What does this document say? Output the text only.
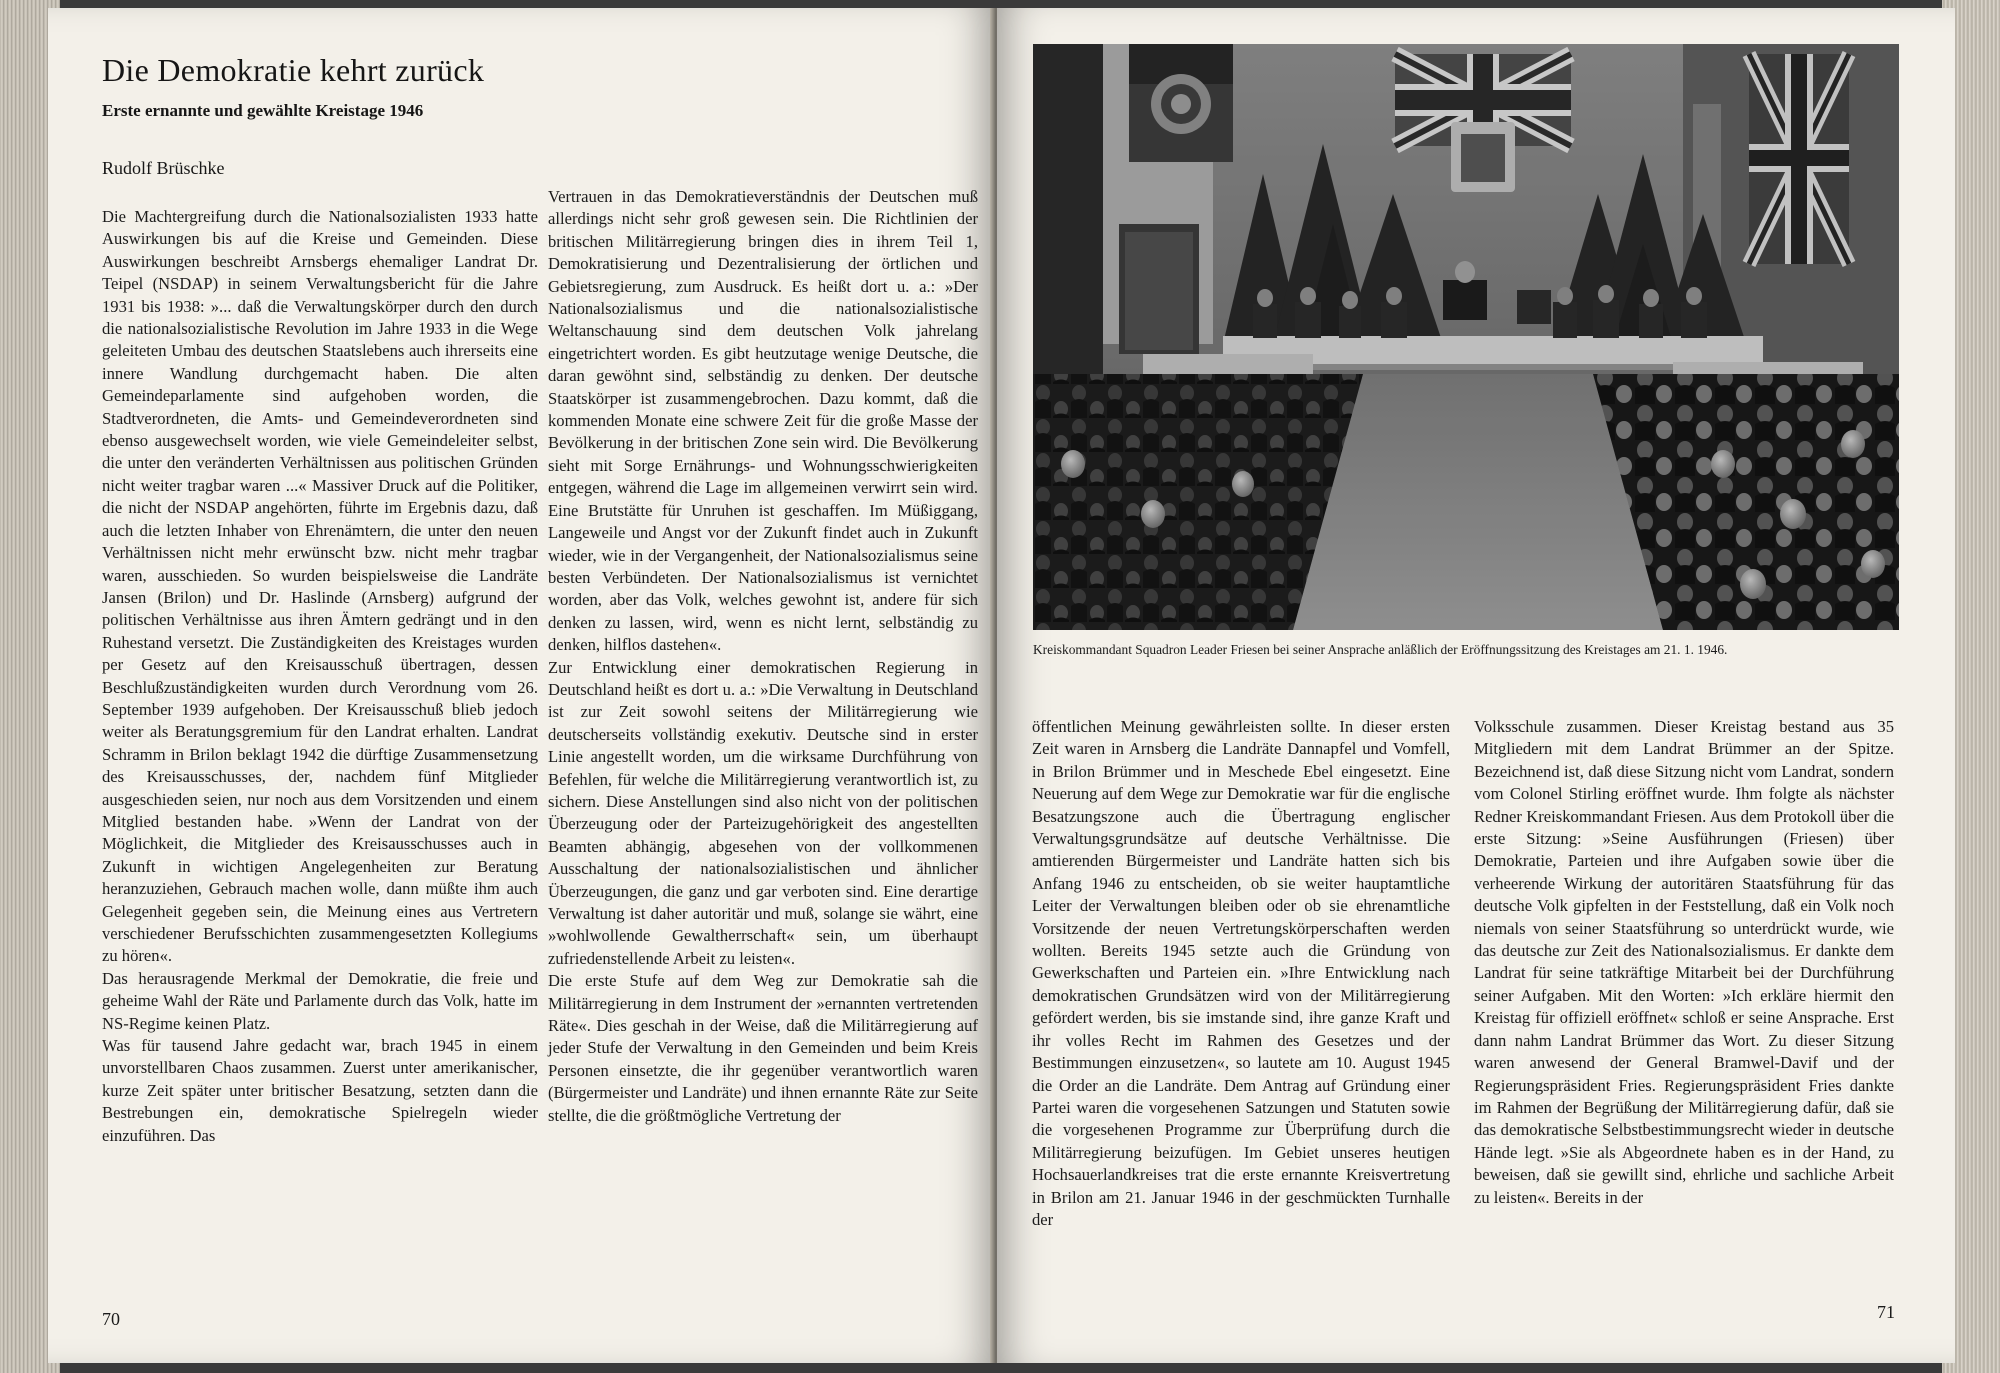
Die Demokratie kehrt zurück
Erste ernannte und gewählte Kreistage 1946

Rudolf Brüschke

Die Machtergreifung durch die Nationalsozialisten 1933 hatte Auswirkungen bis auf die Kreise und Gemeinden. Diese Auswirkungen beschreibt Arnsbergs ehemaliger Landrat Dr. Teipel (NSDAP) in seinem Verwaltungsbericht für die Jahre 1931 bis 1938: »... daß die Verwaltungskörper durch den durch die nationalsozialistische Revolution im Jahre 1933 in die Wege geleiteten Umbau des deutschen Staatslebens auch ihrerseits eine innere Wandlung durchgemacht haben. Die alten Gemeindeparlamente sind aufgehoben worden, die Stadtverordneten, die Amts- und Gemeindeverordneten sind ebenso ausgewechselt worden, wie viele Gemeindeleiter selbst, die unter den veränderten Verhältnissen aus politischen Gründen nicht weiter tragbar waren ...« Massiver Druck auf die Politiker, die nicht der NSDAP angehörten, führte im Ergebnis dazu, daß auch die letzten Inhaber von Ehrenämtern, die unter den neuen Verhältnissen nicht mehr erwünscht bzw. nicht mehr tragbar waren, ausschieden. So wurden beispielsweise die Landräte Jansen (Brilon) und Dr. Haslinde (Arnsberg) aufgrund der politischen Verhältnisse aus ihren Ämtern gedrängt und in den Ruhestand versetzt. Die Zuständigkeiten des Kreistages wurden per Gesetz auf den Kreisausschuß übertragen, dessen Beschlußzuständigkeiten wurden durch Verordnung vom 26. September 1939 aufgehoben. Der Kreisausschuß blieb jedoch weiter als Beratungsgremium für den Landrat erhalten. Landrat Schramm in Brilon beklagt 1942 die dürftige Zusammensetzung des Kreisausschusses, der, nachdem fünf Mitglieder ausgeschieden seien, nur noch aus dem Vorsitzenden und einem Mitglied bestanden habe. »Wenn der Landrat von der Möglichkeit, die Mitglieder des Kreisausschusses auch in Zukunft in wichtigen Angelegenheiten zur Beratung heranzuziehen, Gebrauch machen wolle, dann müßte ihm auch Gelegenheit gegeben sein, die Meinung eines aus Vertretern verschiedener Berufsschichten zusammengesetzten Kollegiums zu hören«.

Das herausragende Merkmal der Demokratie, die freie und geheime Wahl der Räte und Parlamente durch das Volk, hatte im NS-Regime keinen Platz.

Was für tausend Jahre gedacht war, brach 1945 in einem unvorstellbaren Chaos zusammen. Zuerst unter amerikanischer, kurze Zeit später unter britischer Besatzung, setzten dann die Bestrebungen ein, demokratische Spielregeln wieder einzuführen. Das

Vertrauen in das Demokratieverständnis der Deutschen muß allerdings nicht sehr groß gewesen sein. Die Richtlinien der britischen Militärregierung bringen dies in ihrem Teil 1, Demokratisierung und Dezentralisierung der örtlichen und Gebietsregierung, zum Ausdruck. Es heißt dort u. a.: »Der Nationalsozialismus und die nationalsozialistische Weltanschauung sind dem deutschen Volk jahrelang eingetrichtert worden. Es gibt heutzutage wenige Deutsche, die daran gewöhnt sind, selbständig zu denken. Der deutsche Staatskörper ist zusammengebrochen. Dazu kommt, daß die kommenden Monate eine schwere Zeit für die große Masse der Bevölkerung in der britischen Zone sein wird. Die Bevölkerung sieht mit Sorge Ernährungs- und Wohnungsschwierigkeiten entgegen, während die Lage im allgemeinen verwirrt sein wird. Eine Brutstätte für Unruhen ist geschaffen. Im Müßiggang, Langeweile und Angst vor der Zukunft findet auch in Zukunft wieder, wie in der Vergangenheit, der Nationalsozialismus seine besten Verbündeten. Der Nationalsozialismus ist vernichtet worden, aber das Volk, welches gewohnt ist, andere für sich denken zu lassen, wird, wenn es nicht lernt, selbständig zu denken, hilflos dastehen«.

Zur Entwicklung einer demokratischen Regierung in Deutschland heißt es dort u. a.: »Die Verwaltung in Deutschland ist zur Zeit sowohl seitens der Militärregierung wie deutscherseits vollständig exekutiv. Deutsche sind in erster Linie angestellt worden, um die wirksame Durchführung von Befehlen, für welche die Militärregierung verantwortlich ist, zu sichern. Diese Anstellungen sind also nicht von der politischen Überzeugung oder der Parteizugehörigkeit des angestellten Beamten abhängig, abgesehen von der vollkommenen Ausschaltung der nationalsozialistischen und ähnlicher Überzeugungen, die ganz und gar verboten sind. Eine derartige Verwaltung ist daher autoritär und muß, solange sie währt, eine »wohlwollende Gewaltherrschaft« sein, um überhaupt zufriedenstellende Arbeit zu leisten«.

Die erste Stufe auf dem Weg zur Demokratie sah die Militärregierung in dem Instrument der »ernannten vertretenden Räte«. Dies geschah in der Weise, daß die Militärregierung auf jeder Stufe der Verwaltung in den Gemeinden und beim Kreis Personen einsetzte, die ihr gegenüber verantwortlich waren (Bürgermeister und Landräte) und ihnen ernannte Räte zur Seite stellte, die die größtmögliche Vertretung der

70

Kreiskommandant Squadron Leader Friesen bei seiner Ansprache anläßlich der Eröffnungssitzung des Kreistages am 21. 1. 1946.

öffentlichen Meinung gewährleisten sollte. In dieser ersten Zeit waren in Arnsberg die Landräte Dannapfel und Vomfell, in Brilon Brümmer und in Meschede Ebel eingesetzt. Eine Neuerung auf dem Wege zur Demokratie war für die englische Besatzungszone auch die Übertragung englischer Verwaltungsgrundsätze auf deutsche Verhältnisse. Die amtierenden Bürgermeister und Landräte hatten sich bis Anfang 1946 zu entscheiden, ob sie weiter hauptamtliche Leiter der Verwaltungen bleiben oder ob sie ehrenamtliche Vorsitzende der neuen Vertretungskörperschaften werden wollten. Bereits 1945 setzte auch die Gründung von Gewerkschaften und Parteien ein. »Ihre Entwicklung nach demokratischen Grundsätzen wird von der Militärregierung gefördert werden, bis sie imstande sind, ihre ganze Kraft und ihr volles Recht im Rahmen des Gesetzes und der Bestimmungen einzusetzen«, so lautete am 10. August 1945 die Order an die Landräte. Dem Antrag auf Gründung einer Partei waren die vorgesehenen Satzungen und Statuten sowie die vorgesehenen Programme zur Überprüfung durch die Militärregierung beizufügen. Im Gebiet unseres heutigen Hochsauerlandkreises trat die erste ernannte Kreisvertretung in Brilon am 21. Januar 1946 in der geschmückten Turnhalle der

Volksschule zusammen. Dieser Kreistag bestand aus 35 Mitgliedern mit dem Landrat Brümmer an der Spitze. Bezeichnend ist, daß diese Sitzung nicht vom Landrat, sondern vom Colonel Stirling eröffnet wurde. Ihm folgte als nächster Redner Kreiskommandant Friesen. Aus dem Protokoll über die erste Sitzung: »Seine Ausführungen (Friesen) über Demokratie, Parteien und ihre Aufgaben sowie über die verheerende Wirkung der autoritären Staatsführung für das deutsche Volk gipfelten in der Feststellung, daß ein Volk noch niemals von seiner Staatsführung so unterdrückt wurde, wie das deutsche zur Zeit des Nationalsozialismus. Er dankte dem Landrat für seine tatkräftige Mitarbeit bei der Durchführung seiner Aufgaben. Mit den Worten: »Ich erkläre hiermit den Kreistag für offiziell eröffnet« schloß er seine Ansprache. Erst dann nahm Landrat Brümmer das Wort. Zu dieser Sitzung waren anwesend der General Bramwel-Davif und der Regierungspräsident Fries. Regierungspräsident Fries dankte im Rahmen der Begrüßung der Militärregierung dafür, daß sie das demokratische Selbstbestimmungsrecht wieder in deutsche Hände legt. »Sie als Abgeordnete haben es in der Hand, zu beweisen, daß sie gewillt sind, ehrliche und sachliche Arbeit zu leisten«. Bereits in der

71
